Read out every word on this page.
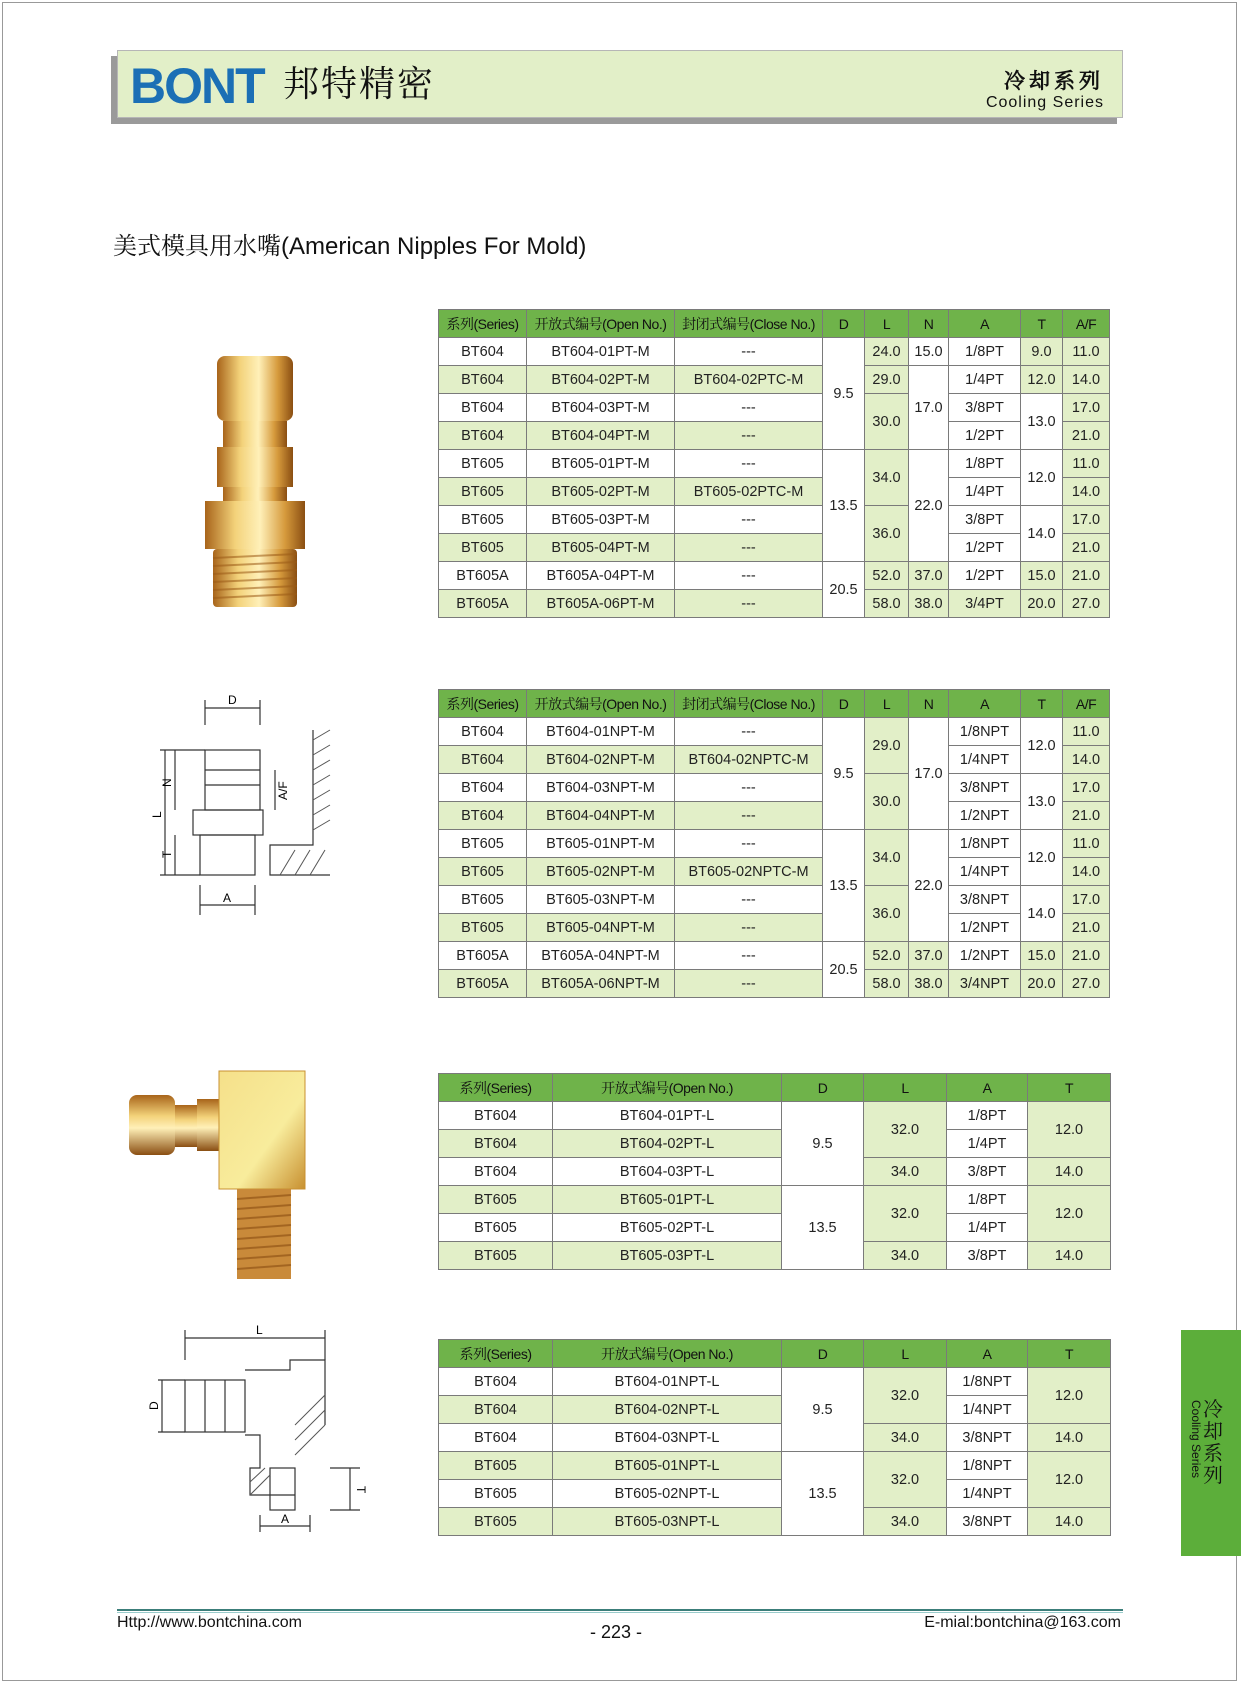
BONT 邦特精密	冷却系列
Cooling Series
美式模具用水嘴(American Nipples For Mold)
D
N
L
T
A/F
A
L
D
T
A
系列(Series)	开放式编号(Open No.)	封闭式编号(Close No.)	D	L	N	A	T	A/F
BT604	BT604-01PT-M	---	9.5	24.0	15.0	1/8PT	9.0	11.0
BT604	BT604-02PT-M	BT604-02PTC-M		29.0	17.0	1/4PT	12.0	14.0
BT604	BT604-03PT-M	---		30.0		3/8PT	13.0	17.0
BT604	BT604-04PT-M	---				1/2PT		21.0
BT605	BT605-01PT-M	---	13.5	34.0	22.0	1/8PT	12.0	11.0
BT605	BT605-02PT-M	BT605-02PTC-M				1/4PT		14.0
BT605	BT605-03PT-M	---		36.0		3/8PT	14.0	17.0
BT605	BT605-04PT-M	---				1/2PT		21.0
BT605A	BT605A-04PT-M	---	20.5	52.0	37.0	1/2PT	15.0	21.0
BT605A	BT605A-06PT-M	---		58.0	38.0	3/4PT	20.0	27.0
系列(Series)	开放式编号(Open No.)	封闭式编号(Close No.)	D	L	N	A	T	A/F
BT604	BT604-01NPT-M	---	9.5	29.0	17.0	1/8NPT	12.0	11.0
BT604	BT604-02NPT-M	BT604-02NPTC-M				1/4NPT		14.0
BT604	BT604-03NPT-M	---		30.0		3/8NPT	13.0	17.0
BT604	BT604-04NPT-M	---				1/2NPT		21.0
BT605	BT605-01NPT-M	---	13.5	34.0	22.0	1/8NPT	12.0	11.0
BT605	BT605-02NPT-M	BT605-02NPTC-M				1/4NPT		14.0
BT605	BT605-03NPT-M	---		36.0		3/8NPT	14.0	17.0
BT605	BT605-04NPT-M	---				1/2NPT		21.0
BT605A	BT605A-04NPT-M	---	20.5	52.0	37.0	1/2NPT	15.0	21.0
BT605A	BT605A-06NPT-M	---		58.0	38.0	3/4NPT	20.0	27.0
系列(Series)	开放式编号(Open No.)	D	L	A	T
BT604	BT604-01PT-L	9.5	32.0	1/8PT	12.0
BT604	BT604-02PT-L			1/4PT	
BT604	BT604-03PT-L		34.0	3/8PT	14.0
BT605	BT605-01PT-L	13.5	32.0	1/8PT	12.0
BT605	BT605-02PT-L			1/4PT	
BT605	BT605-03PT-L		34.0	3/8PT	14.0
系列(Series)	开放式编号(Open No.)	D	L	A	T
BT604	BT604-01NPT-L	9.5	32.0	1/8NPT	12.0
BT604	BT604-02NPT-L			1/4NPT	
BT604	BT604-03NPT-L		34.0	3/8NPT	14.0
BT605	BT605-01NPT-L	13.5	32.0	1/8NPT	12.0
BT605	BT605-02NPT-L			1/4NPT	
BT605	BT605-03NPT-L		34.0	3/8NPT	14.0
冷却系列
Cooling Series
Http://www.bontchina.com	- 223 -	E-mial:bontchina@163.com
